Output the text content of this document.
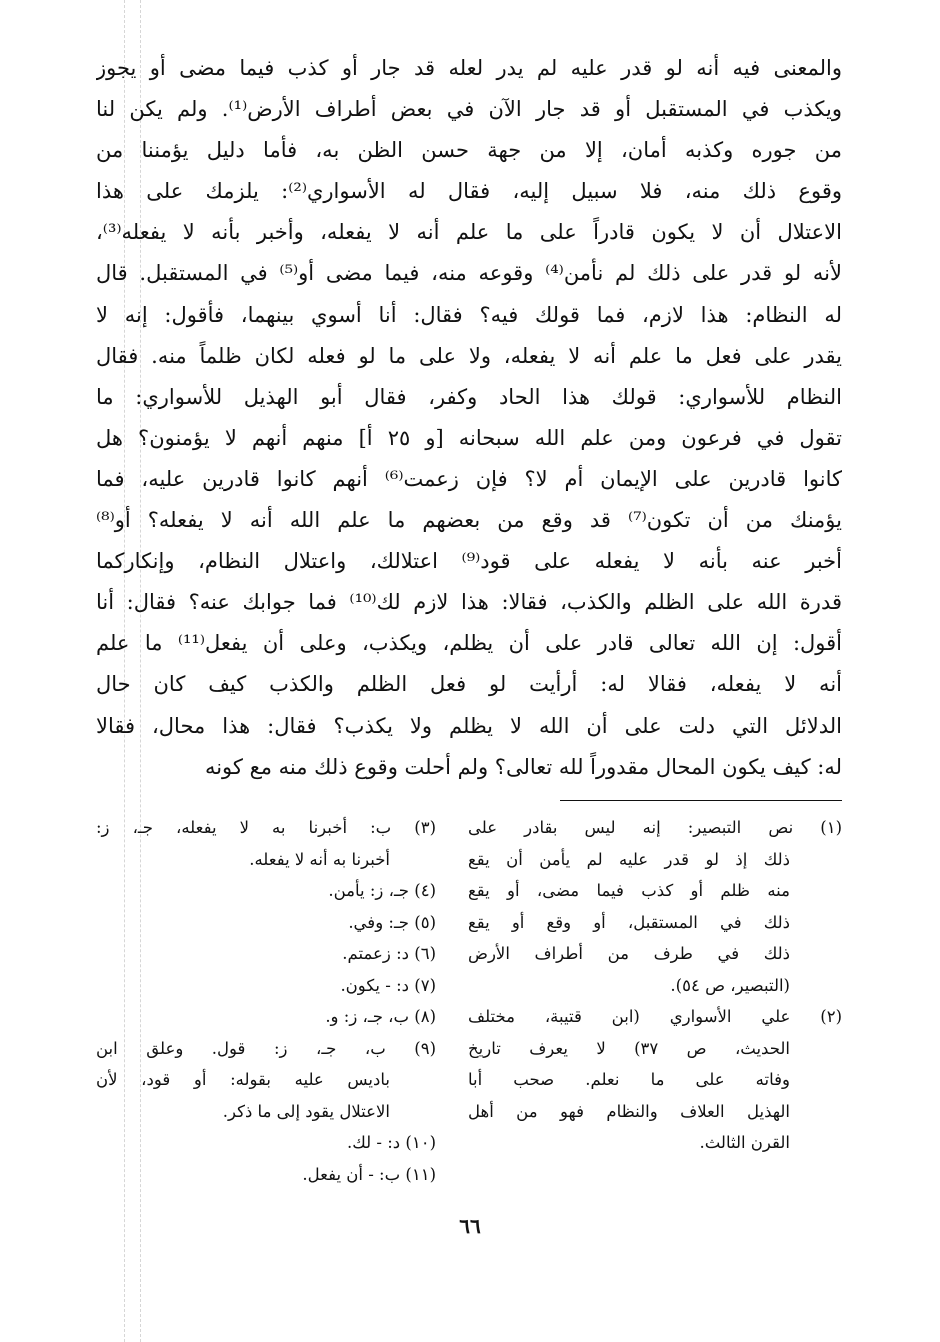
والمعنى فيه أنه لو قدر عليه لم يدر لعله قد جار أو كذب فيما مضى أو يجوز
ويكذب في المستقبل أو قد جار الآن في بعض أطراف الأرض⁽¹⁾. ولم يكن لنا
من جوره وكذبه أمان، إلا من جهة حسن الظن به، فأما دليل يؤمننا من
وقوع ذلك منه، فلا سبيل إليه، فقال له الأسواري⁽²⁾: يلزمك على هذا
الاعتلال أن لا يكون قادراً على ما علم أنه لا يفعله، وأخبر بأنه لا يفعله⁽³⁾،
لأنه لو قدر على ذلك لم نأمن⁽⁴⁾ وقوعه منه، فيما مضى أو⁽⁵⁾ في المستقبل. قال
له النظام: هذا لازم، فما قولك فيه؟ فقال: أنا أسوي بينهما، فأقول: إنه لا
يقدر على فعل ما علم أنه لا يفعله، ولا على ما لو فعله لكان ظلماً منه. فقال
النظام للأسواري: قولك هذا الحاد وكفر، فقال أبو الهذيل للأسواري: ما
تقول في فرعون ومن علم الله سبحانه [و ٢٥ أ] منهم أنهم لا يؤمنون؟ هل
كانوا قادرين على الإيمان أم لا؟ فإن زعمت⁽⁶⁾ أنهم كانوا قادرين عليه، فما
يؤمنك من أن تكون⁽⁷⁾ قد وقع من بعضهم ما علم الله أنه لا يفعله؟ أو⁽⁸⁾
أخبر عنه بأنه لا يفعله على قود⁽⁹⁾ اعتلالك، واعتلال النظام، وإنكاركما
قدرة الله على الظلم والكذب، فقالا: هذا لازم لك⁽¹⁰⁾ فما جوابك عنه؟ فقال: أنا
أقول: إن الله تعالى قادر على أن يظلم، ويكذب، وعلى أن يفعل⁽¹¹⁾ ما علم
أنه لا يفعله، فقالا له: أرأيت لو فعل الظلم والكذب كيف كان حال
الدلائل التي دلت على أن الله لا يظلم ولا يكذب؟ فقال: هذا محال، فقالا
له: كيف يكون المحال مقدوراً لله تعالى؟ ولم أحلت وقوع ذلك منه مع كونه
(١) نص التبصير: إنه ليس بقادر على
ذلك إذ لو قدر عليه لم يأمن أن يقع
منه ظلم أو كذب فيما مضى، أو يقع
ذلك في المستقبل، أو وقع أو يقع
ذلك في طرف من أطراف الأرض
(التبصير، ص ٥٤).
(٢) علي الأسواري (ابن قتيبة، مختلف
الحديث، ص ٣٧) لا يعرف تاريخ
وفاته على ما نعلم. صحب أبا
الهذيل العلاف والنظام فهو من أهل
القرن الثالث.
(٣) ب: أخبرنا به لا يفعله، جـ، ز:
أخبرنا به أنه لا يفعله.
(٤) جـ، ز: يأمن.
(٥) جـ: وفي.
(٦) د: زعمتم.
(٧) د: - يكون.
(٨) ب، جـ، ز: و.
(٩) ب، جـ، ز: قول. وعلق ابن
باديس عليه بقوله: أو قود، لأن
الاعتلال يقود إلى ما ذكر.
(١٠) د: - لك.
(١١) ب: - أن يفعل.
٦٦
